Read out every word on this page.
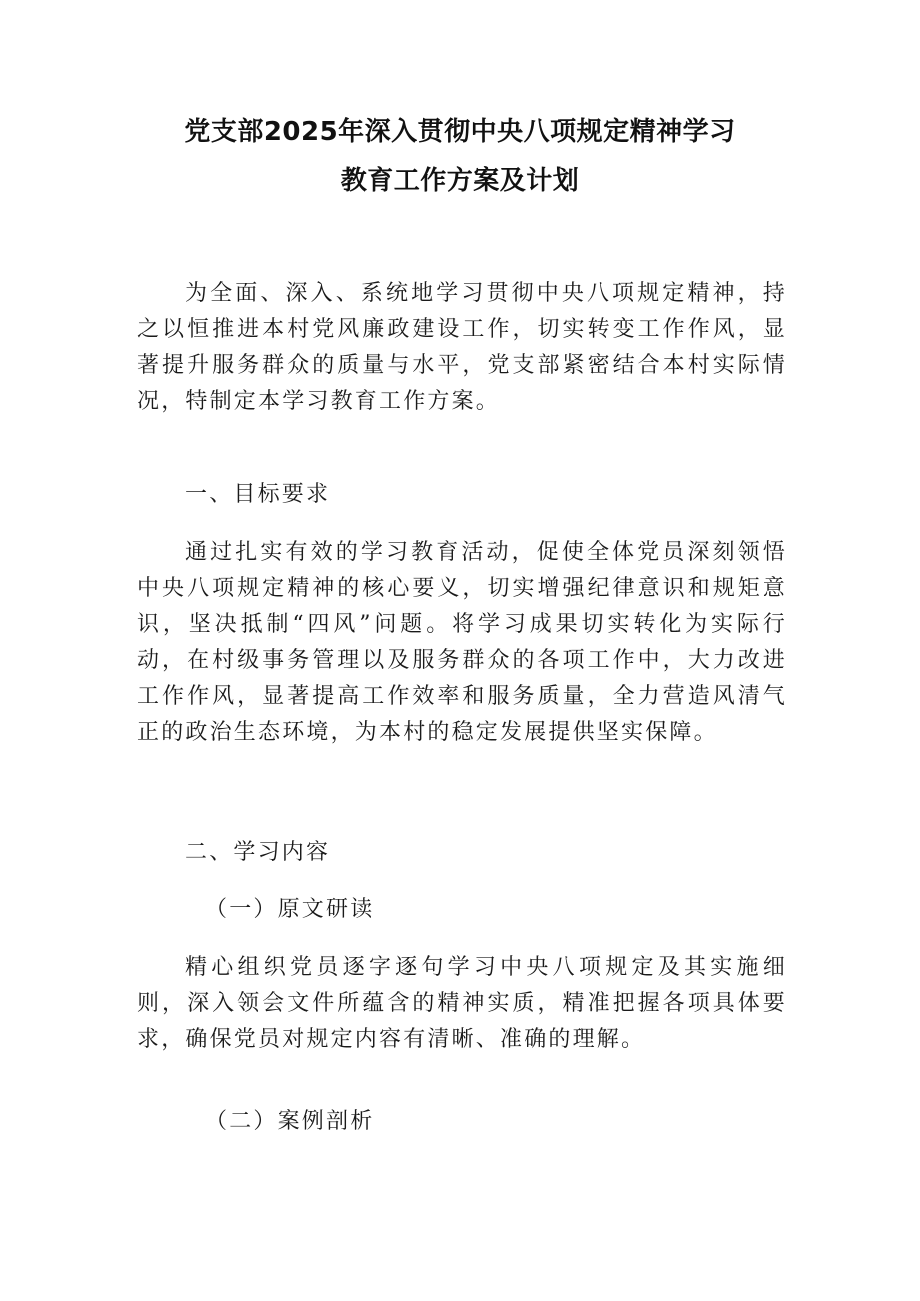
党支部2025年深入贯彻中央八项规定精神学习
教育工作方案及计划

为全面、深入、系统地学习贯彻中央八项规定精神，持之以恒推进本村党风廉政建设工作，切实转变工作作风，显著提升服务群众的质量与水平，党支部紧密结合本村实际情况，特制定本学习教育工作方案。

一、目标要求

通过扎实有效的学习教育活动，促使全体党员深刻领悟中央八项规定精神的核心要义，切实增强纪律意识和规矩意识，坚决抵制“四风”问题。将学习成果切实转化为实际行动，在村级事务管理以及服务群众的各项工作中，大力改进工作作风，显著提高工作效率和服务质量，全力营造风清气正的政治生态环境，为本村的稳定发展提供坚实保障。

二、学习内容

（一）原文研读

精心组织党员逐字逐句学习中央八项规定及其实施细则，深入领会文件所蕴含的精神实质，精准把握各项具体要求，确保党员对规定内容有清晰、准确的理解。

（二）案例剖析
